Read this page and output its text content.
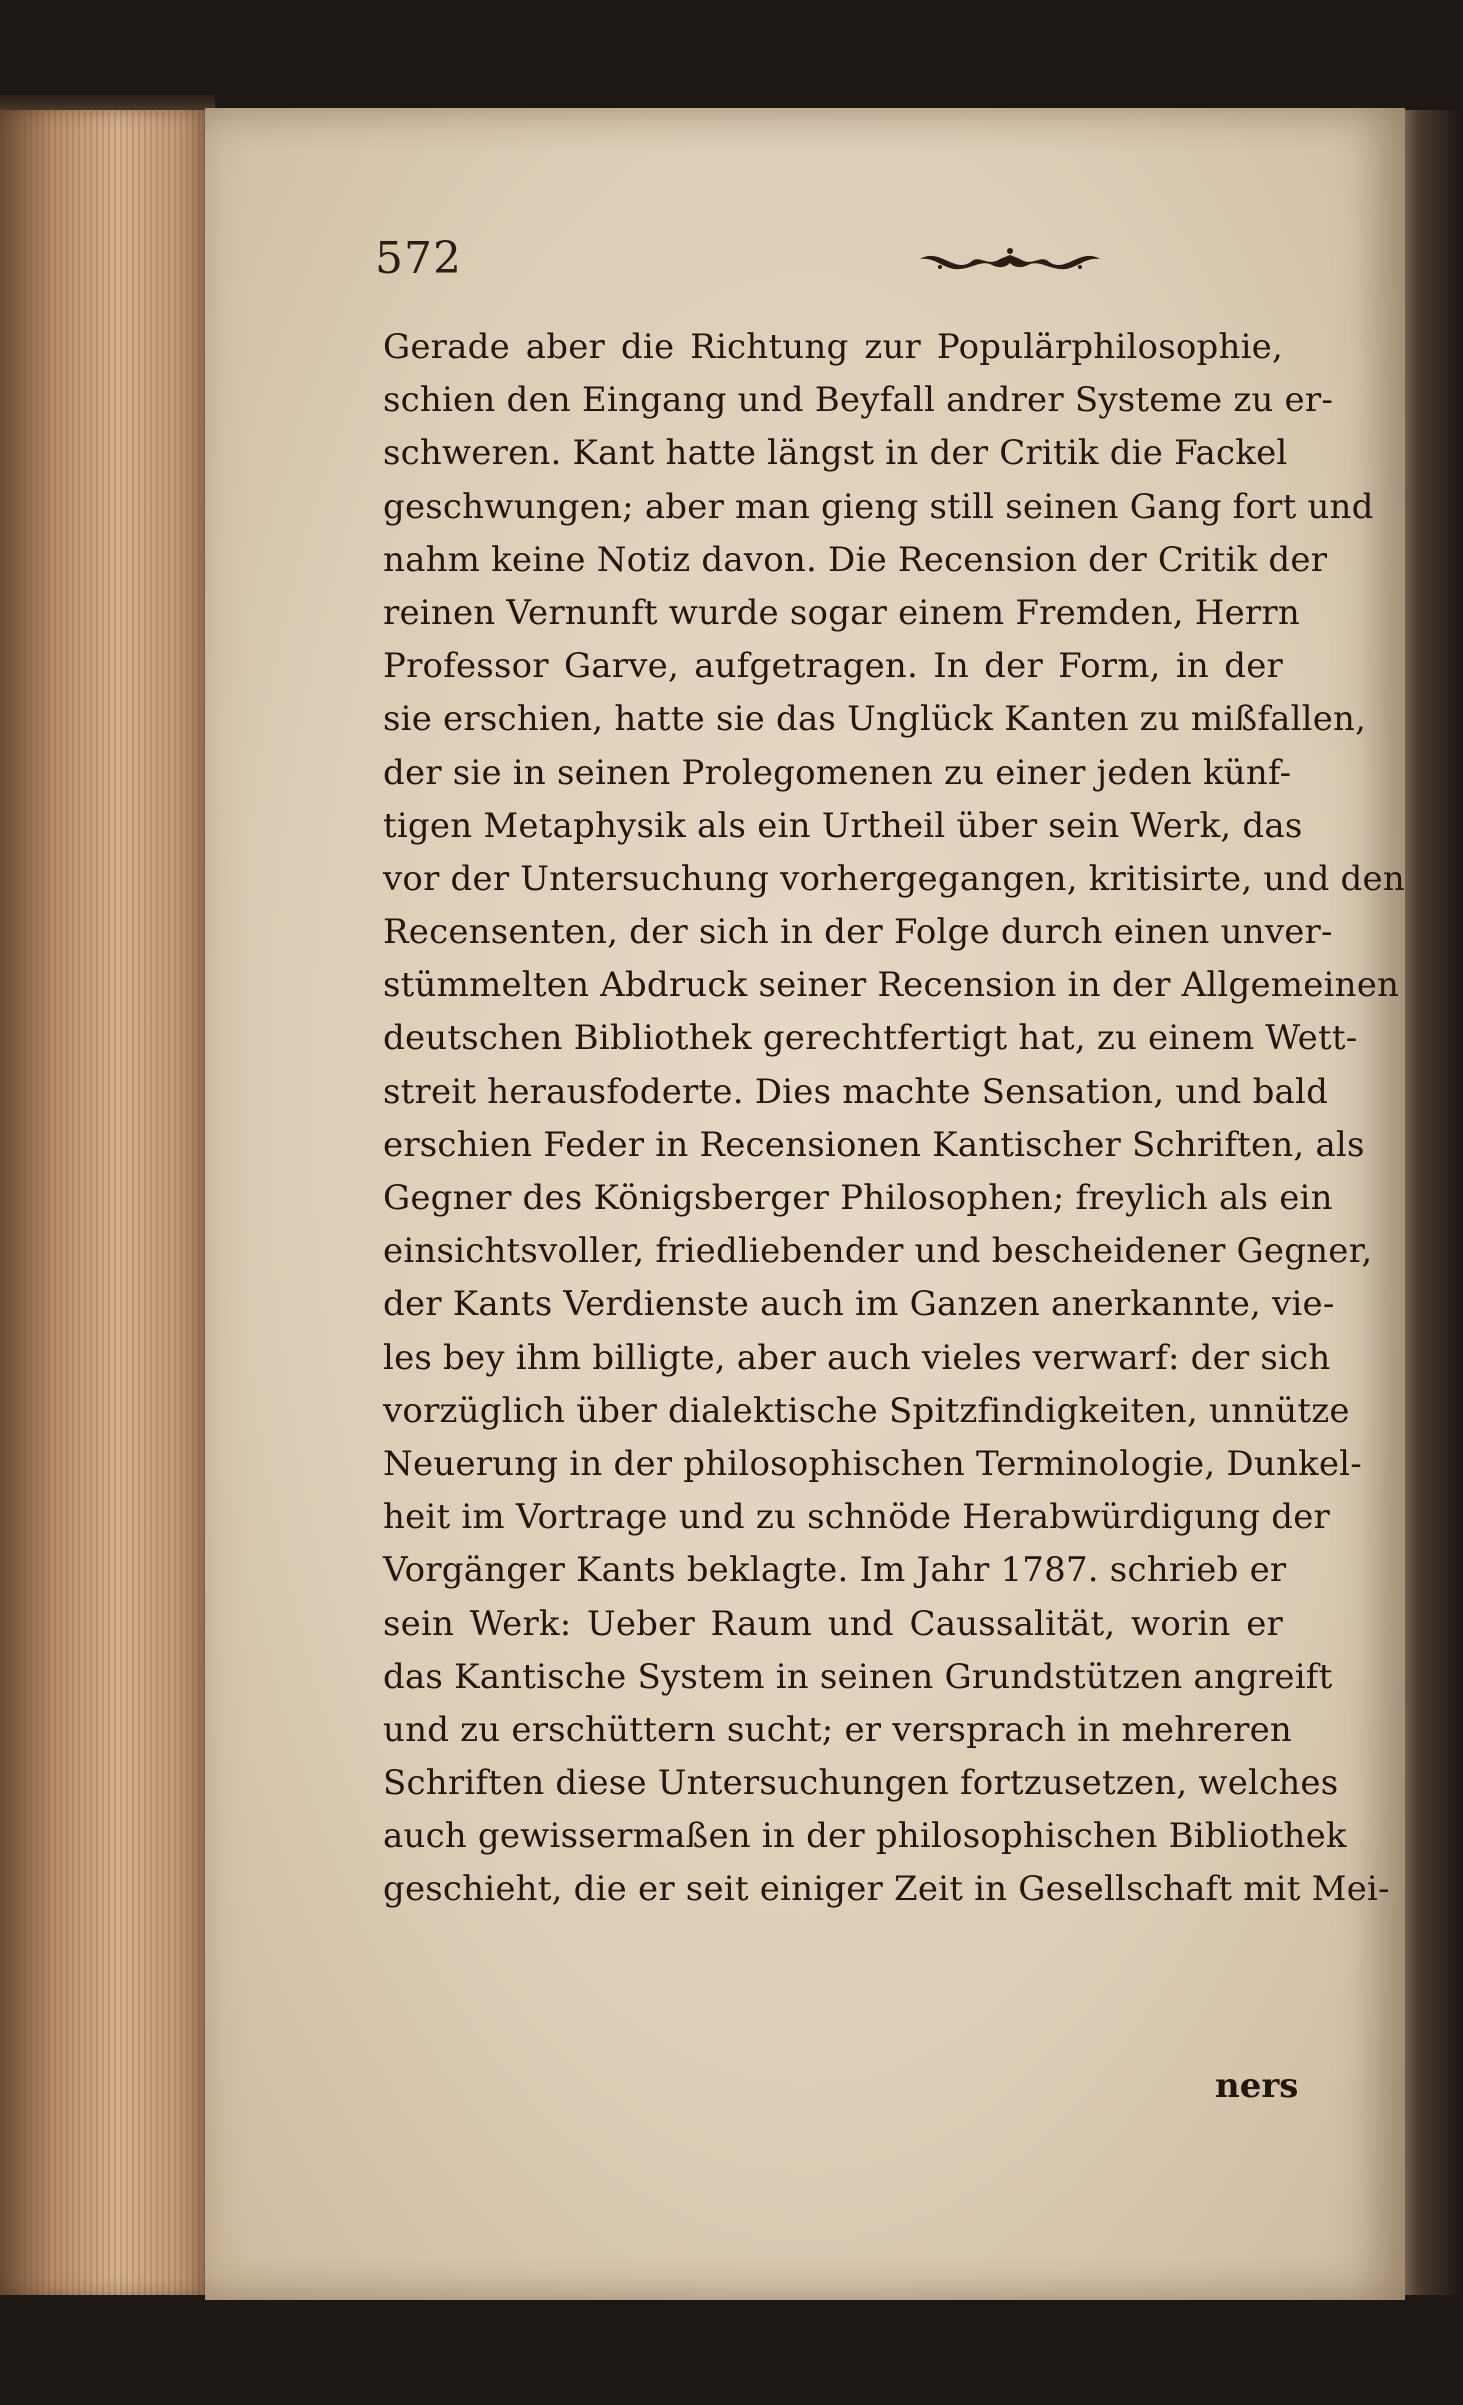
572
Gerade aber die Richtung zur Populärphilosophie,
schien den Eingang und Beyfall andrer Systeme zu er-
schweren. Kant hatte längst in der Critik die Fackel
geschwungen; aber man gieng still seinen Gang fort und
nahm keine Notiz davon. Die Recension der Critik der
reinen Vernunft wurde sogar einem Fremden, Herrn
Professor Garve, aufgetragen. In der Form, in der
sie erschien, hatte sie das Unglück Kanten zu mißfallen,
der sie in seinen Prolegomenen zu einer jeden künf-
tigen Metaphysik als ein Urtheil über sein Werk, das
vor der Untersuchung vorhergegangen, kritisirte, und den
Recensenten, der sich in der Folge durch einen unver-
stümmelten Abdruck seiner Recension in der Allgemeinen
deutschen Bibliothek gerechtfertigt hat, zu einem Wett-
streit herausfoderte. Dies machte Sensation, und bald
erschien Feder in Recensionen Kantischer Schriften, als
Gegner des Königsberger Philosophen; freylich als ein
einsichtsvoller, friedliebender und bescheidener Gegner,
der Kants Verdienste auch im Ganzen anerkannte, vie-
les bey ihm billigte, aber auch vieles verwarf: der sich
vorzüglich über dialektische Spitzfindigkeiten, unnütze
Neuerung in der philosophischen Terminologie, Dunkel-
heit im Vortrage und zu schnöde Herabwürdigung der
Vorgänger Kants beklagte. Im Jahr 1787. schrieb er
sein Werk: Ueber Raum und Caussalität, worin er
das Kantische System in seinen Grundstützen angreift
und zu erschüttern sucht; er versprach in mehreren
Schriften diese Untersuchungen fortzusetzen, welches
auch gewissermaßen in der philosophischen Bibliothek
geschieht, die er seit einiger Zeit in Gesellschaft mit Mei-
ners
